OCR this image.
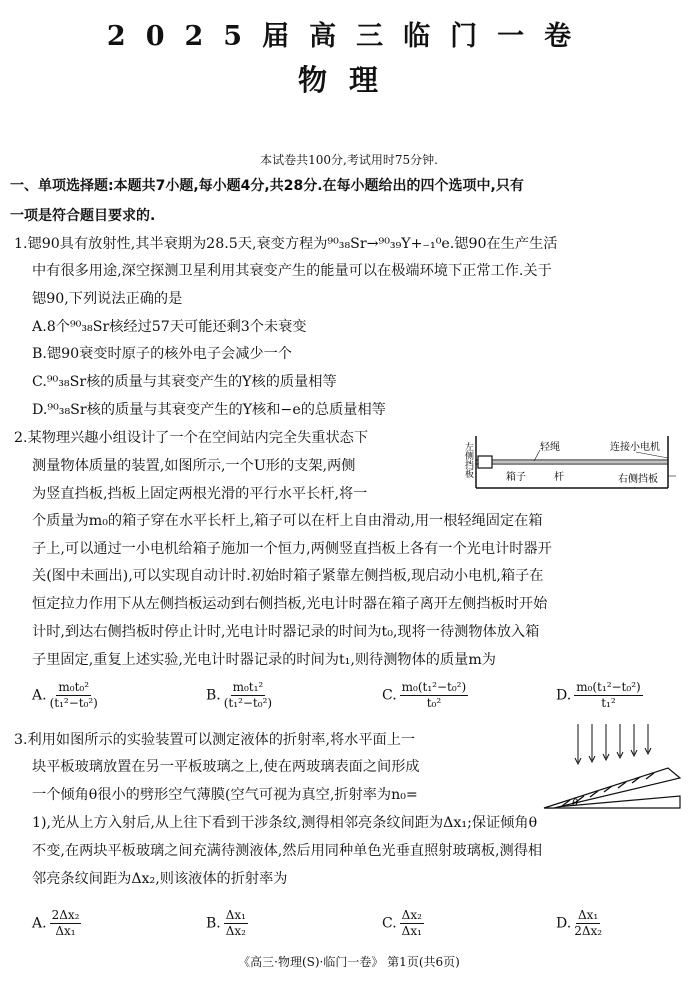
2025届高三临门一卷
物理
本试卷共100分,考试用时75分钟.
一、单项选择题:本题共7小题,每小题4分,共28分.在每小题给出的四个选项中,只有
一项是符合题目要求的.
1.锶90具有放射性,其半衰期为28.5天,衰变方程为⁹⁰₃₈Sr→⁹⁰₃₉Y+₋₁⁰e.锶90在生产生活
中有很多用途,深空探测卫星利用其衰变产生的能量可以在极端环境下正常工作.关于
锶90,下列说法正确的是
A.8个⁹⁰₃₈Sr核经过57天可能还剩3个未衰变
B.锶90衰变时原子的核外电子会减少一个
C.⁹⁰₃₈Sr核的质量与其衰变产生的Y核的质量相等
D.⁹⁰₃₈Sr核的质量与其衰变产生的Y核和−e的总质量相等
2.某物理兴趣小组设计了一个在空间站内完全失重状态下
测量物体质量的装置,如图所示,一个U形的支架,两侧
为竖直挡板,挡板上固定两根光滑的平行水平长杆,将一
个质量为m₀的箱子穿在水平长杆上,箱子可以在杆上自由滑动,用一根轻绳固定在箱
子上,可以通过一小电机给箱子施加一个恒力,两侧竖直挡板上各有一个光电计时器开
关(图中未画出),可以实现自动计时.初始时箱子紧靠左侧挡板,现启动小电机,箱子在
恒定拉力作用下从左侧挡板运动到右侧挡板,光电计时器在箱子离开左侧挡板时开始
计时,到达右侧挡板时停止计时,光电计时器记录的时间为t₀,现将一待测物体放入箱
子里固定,重复上述实验,光电计时器记录的时间为t₁,则待测物体的质量m为
轻绳	连接小电机
右侧挡板
箱子	杆
左侧挡板
A. $\frac{\text{m₀t₀²}}{\text{(t₁²−t₀²)}}$	B. $\frac{\text{m₀t₁²}}{\text{(t₁²−t₀²)}}$	C. $\frac{\text{m₀(t₁²−t₀²)}}{\text{t₀²}}$	D. $\frac{\text{m₀(t₁²−t₀²)}}{\text{t₁²}}$
3.利用如图所示的实验装置可以测定液体的折射率,将水平面上一
块平板玻璃放置在另一平板玻璃之上,使在两玻璃表面之间形成
一个倾角θ很小的劈形空气薄膜(空气可视为真空,折射率为n₀=
1),光从上方入射后,从上往下看到干涉条纹,测得相邻亮条纹间距为Δx₁;保证倾角θ
不变,在两块平板玻璃之间充满待测液体,然后用同种单色光垂直照射玻璃板,测得相
邻亮条纹间距为Δx₂,则该液体的折射率为
θ
A. $\frac{\text{2Δx₂}}{\text{Δx₁}}$	B. $\frac{\text{Δx₁}}{\text{Δx₂}}$	C. $\frac{\text{Δx₂}}{\text{Δx₁}}$	D. $\frac{\text{Δx₁}}{\text{2Δx₂}}$
《高三·物理(S)·临门一卷》 第1页(共6页)
